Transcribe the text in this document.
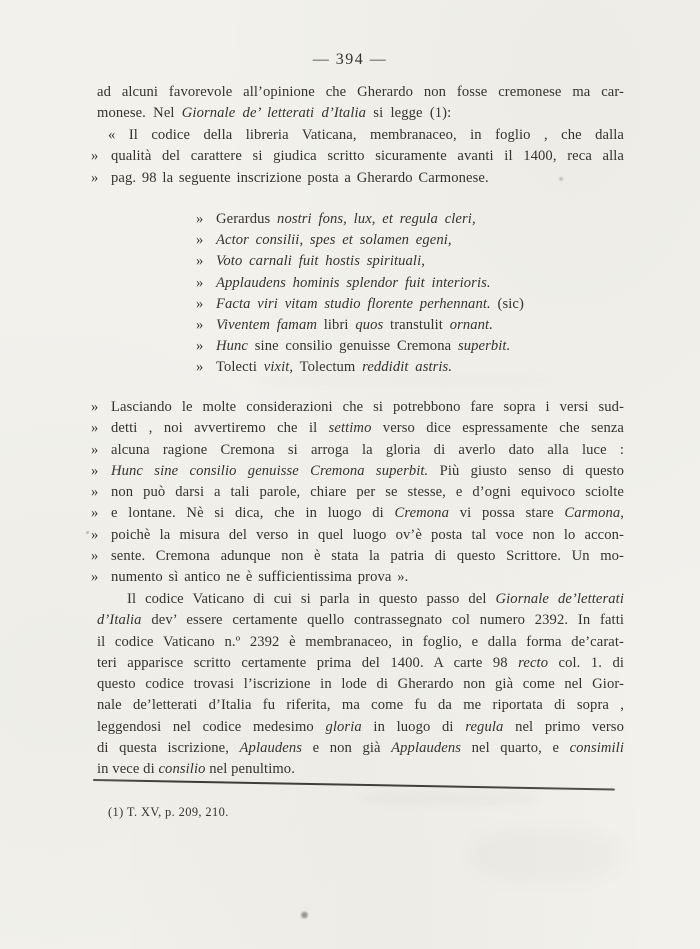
— 394 —
ad alcuni favorevole all’opinione che Gherardo non fosse cremonese ma car-
monese. Nel Giornale de’ letterati d’Italia si legge (1):
« Il codice della libreria Vaticana, membranaceo, in foglio , che dalla
» qualità del carattere si giudica scritto sicuramente avanti il 1400, reca alla
» pag. 98 la seguente inscrizione posta a Gherardo Carmonese.
» Gerardus nostri fons, lux, et regula cleri,
» Actor consilii, spes et solamen egeni,
» Voto carnali fuit hostis spirituali,
» Applaudens hominis splendor fuit interioris.
» Facta viri vitam studio florente perhennant. (sic)
» Viventem famam libri quos transtulit ornant.
» Hunc sine consilio genuisse Cremona superbit.
» Tolecti vixit, Tolectum reddidit astris.
» Lasciando le molte considerazioni che si potrebbono fare sopra i versi sud-
» detti , noi avvertiremo che il settimo verso dice espressamente che senza
» alcuna ragione Cremona si arroga la gloria di averlo dato alla luce :
» Hunc sine consilio genuisse Cremona superbit. Più giusto senso di questo
» non può darsi a tali parole, chiare per se stesse, e d’ogni equivoco sciolte
» e lontane. Nè si dica, che in luogo di Cremona vi possa stare Carmona,
» poichè la misura del verso in quel luogo ov’è posta tal voce non lo accon-
» sente. Cremona adunque non è stata la patria di questo Scrittore. Un mo-
» numento sì antico ne è sufficientissima prova ».
Il codice Vaticano di cui si parla in questo passo del Giornale de’letterati
d’Italia dev’ essere certamente quello contrassegnato col numero 2392. In fatti
il codice Vaticano n.º 2392 è membranaceo, in foglio, e dalla forma de’carat-
teri apparisce scritto certamente prima del 1400. A carte 98 recto col. 1. di
questo codice trovasi l’iscrizione in lode di Gherardo non già come nel Gior-
nale de’letterati d’Italia fu riferita, ma come fu da me riportata di sopra ,
leggendosi nel codice medesimo gloria in luogo di regula nel primo verso
di questa iscrizione, Aplaudens e non già Applaudens nel quarto, e consimili
in vece di consilio nel penultimo.
(1) T. XV, p. 209, 210.
